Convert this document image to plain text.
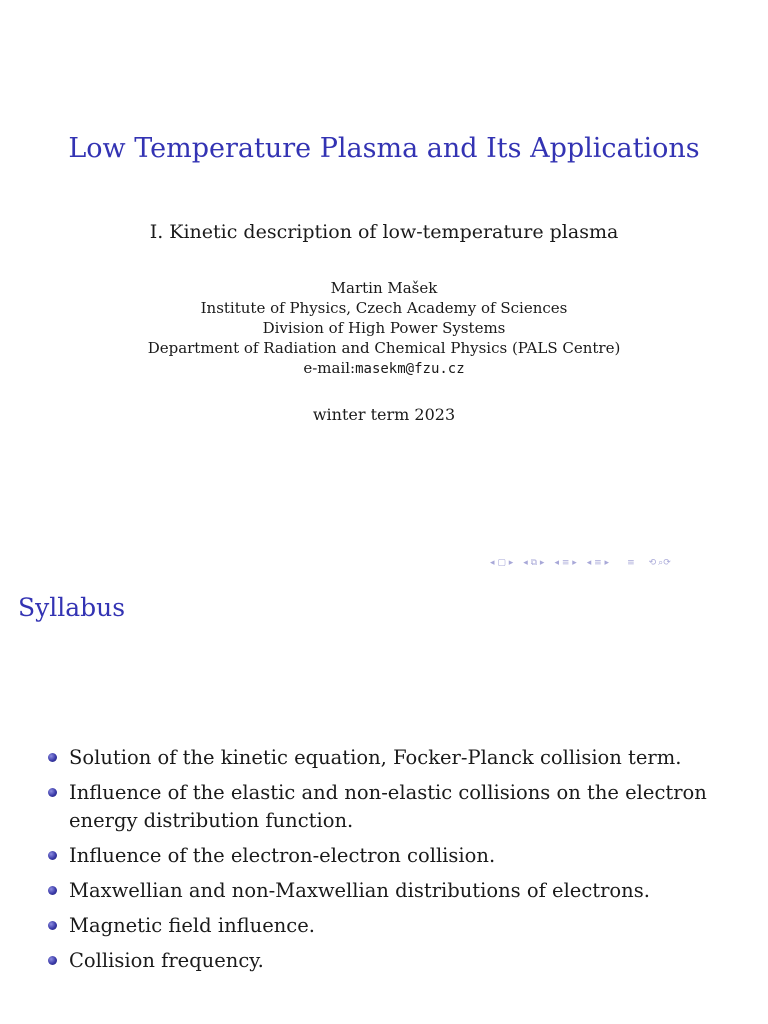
Low Temperature Plasma and Its Applications
I. Kinetic description of low-temperature plasma
Martin Mašek
Institute of Physics, Czech Academy of Sciences
Division of High Power Systems
Department of Radiation and Chemical Physics (PALS Centre)
e-mail:masekm@fzu.cz
winter term 2023
◂ ▢ ▸ ◂ ⧉ ▸ ◂ ≡ ▸ ◂ ≡ ▸ ≡ ⟲ ⌕⟳
Syllabus
Solution of the kinetic equation, Focker-Planck collision term.
Influence of the elastic and non-elastic collisions on the electron energy distribution function.
Influence of the electron-electron collision.
Maxwellian and non-Maxwellian distributions of electrons.
Magnetic field influence.
Collision frequency.
